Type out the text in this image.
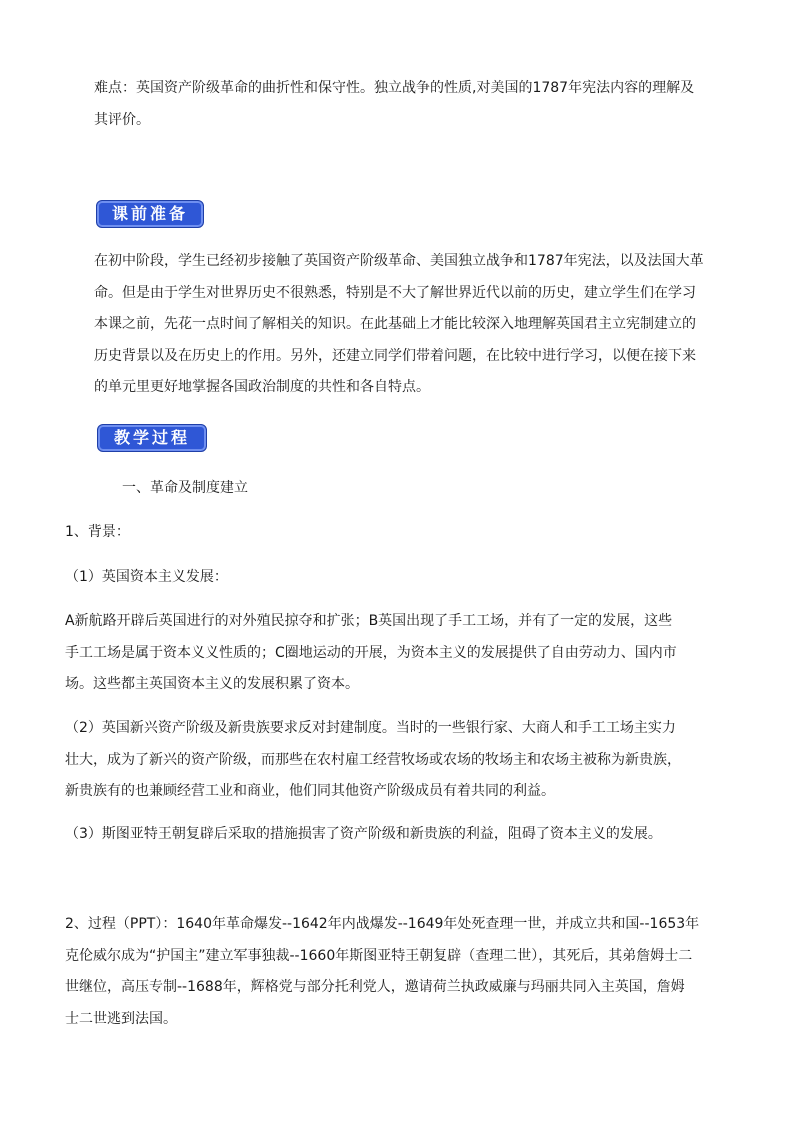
难点：英国资产阶级革命的曲折性和保守性。独立战争的性质,对美国的1787年宪法内容的理解及
其评价。
课前准备
在初中阶段，学生已经初步接触了英国资产阶级革命、美国独立战争和1787年宪法，以及法国大革
命。但是由于学生对世界历史不很熟悉，特别是不大了解世界近代以前的历史，建立学生们在学习
本课之前，先花一点时间了解相关的知识。在此基础上才能比较深入地理解英国君主立宪制建立的
历史背景以及在历史上的作用。另外，还建立同学们带着问题，在比较中进行学习，以便在接下来
的单元里更好地掌握各国政治制度的共性和各自特点。
教学过程
一、革命及制度建立
1、背景：
（1）英国资本主义发展：
A新航路开辟后英国进行的对外殖民掠夺和扩张；B英国出现了手工工场，并有了一定的发展，这些
手工工场是属于资本义义性质的；C圈地运动的开展，为资本主义的发展提供了自由劳动力、国内市
场。这些都主英国资本主义的发展积累了资本。
（2）英国新兴资产阶级及新贵族要求反对封建制度。当时的一些银行家、大商人和手工工场主实力
壮大，成为了新兴的资产阶级，而那些在农村雇工经营牧场或农场的牧场主和农场主被称为新贵族，
新贵族有的也兼顾经营工业和商业，他们同其他资产阶级成员有着共同的利益。
（3）斯图亚特王朝复辟后采取的措施损害了资产阶级和新贵族的利益，阻碍了资本主义的发展。
2、过程（PPT）：1640年革命爆发--1642年内战爆发--1649年处死查理一世，并成立共和国--1653年
克伦威尔成为“护国主”建立军事独裁--1660年斯图亚特王朝复辟（查理二世），其死后，其弟詹姆士二
世继位，高压专制--1688年，辉格党与部分托利党人，邀请荷兰执政威廉与玛丽共同入主英国，詹姆
士二世逃到法国。
